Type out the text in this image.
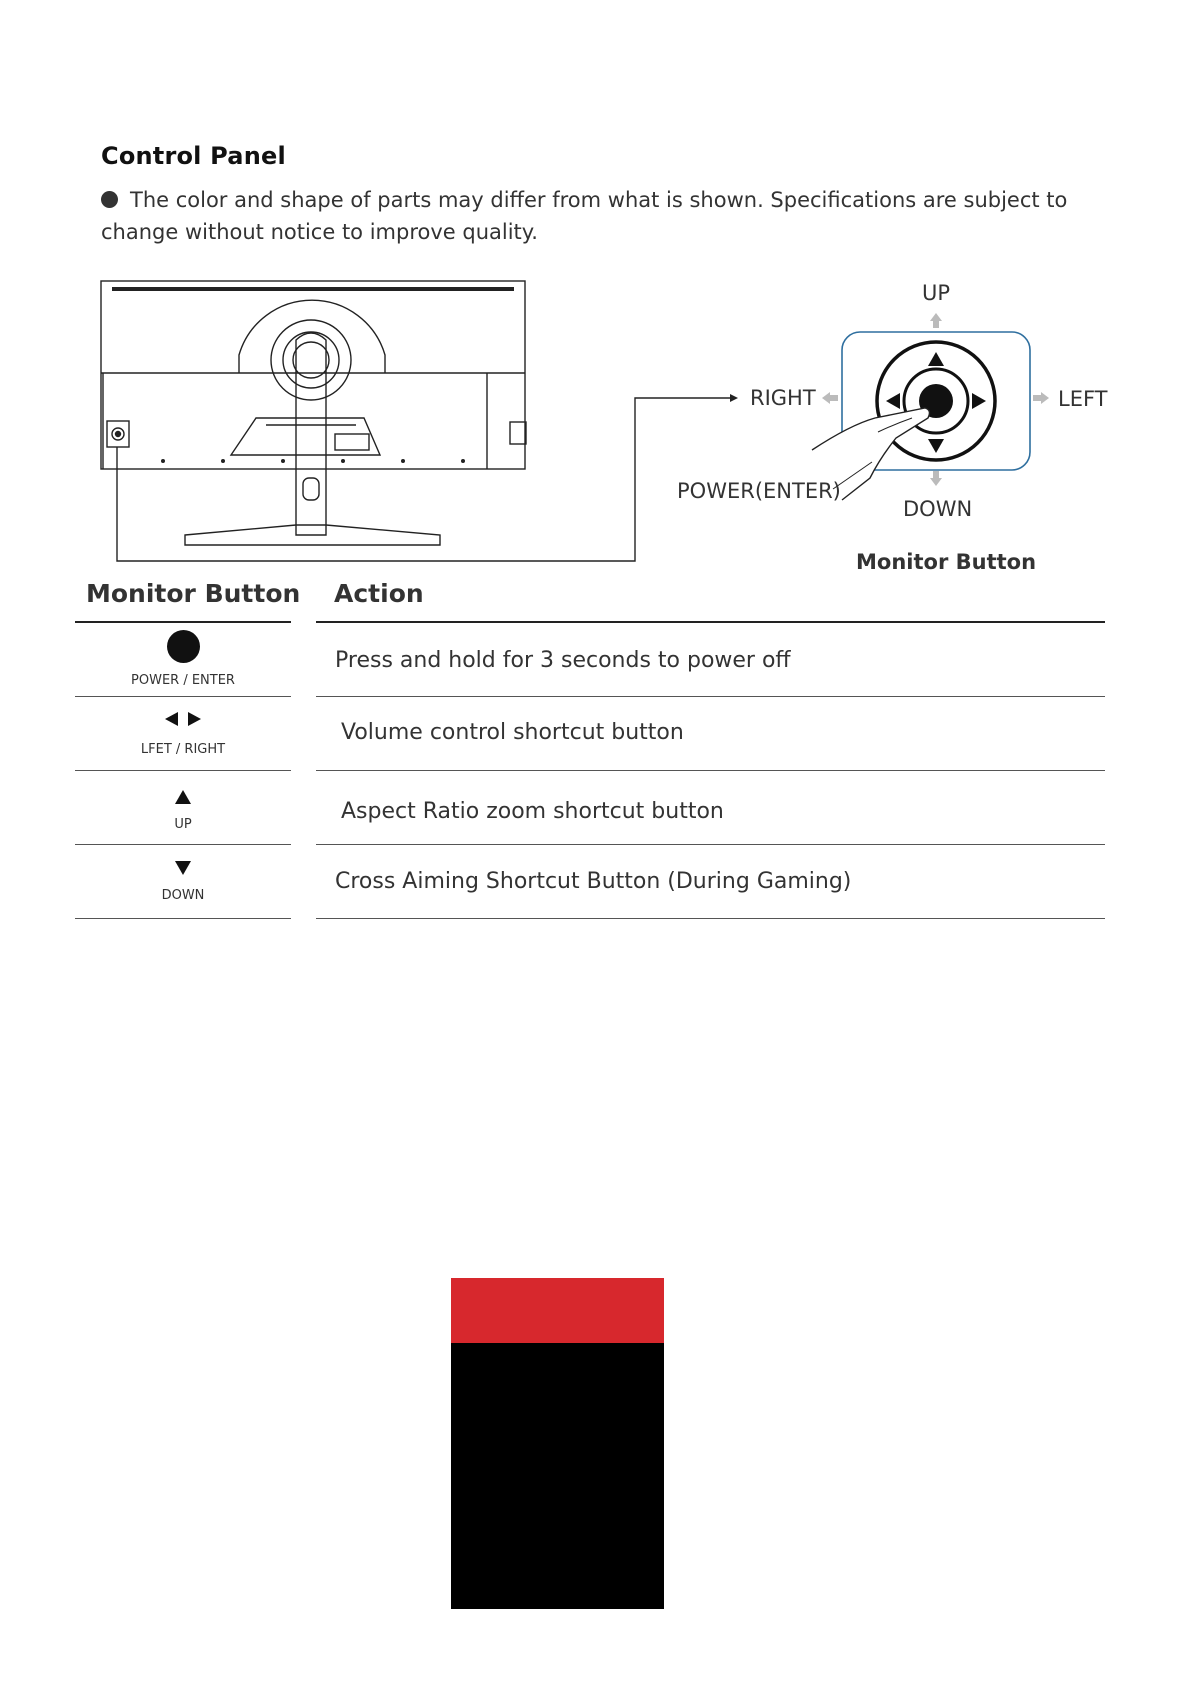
Control Panel
The color and shape of parts may differ from what is shown. Specifications are subject to change without notice to improve quality.
UP
DOWN
LEFT
RIGHT
POWER(ENTER)
Monitor Button
Monitor Button Action
POWER / ENTER
Press and hold for 3 seconds to power off
LFET / RIGHT
Volume control shortcut button
UP
Aspect Ratio zoom shortcut button
DOWN
Cross Aiming Shortcut Button (During Gaming)
